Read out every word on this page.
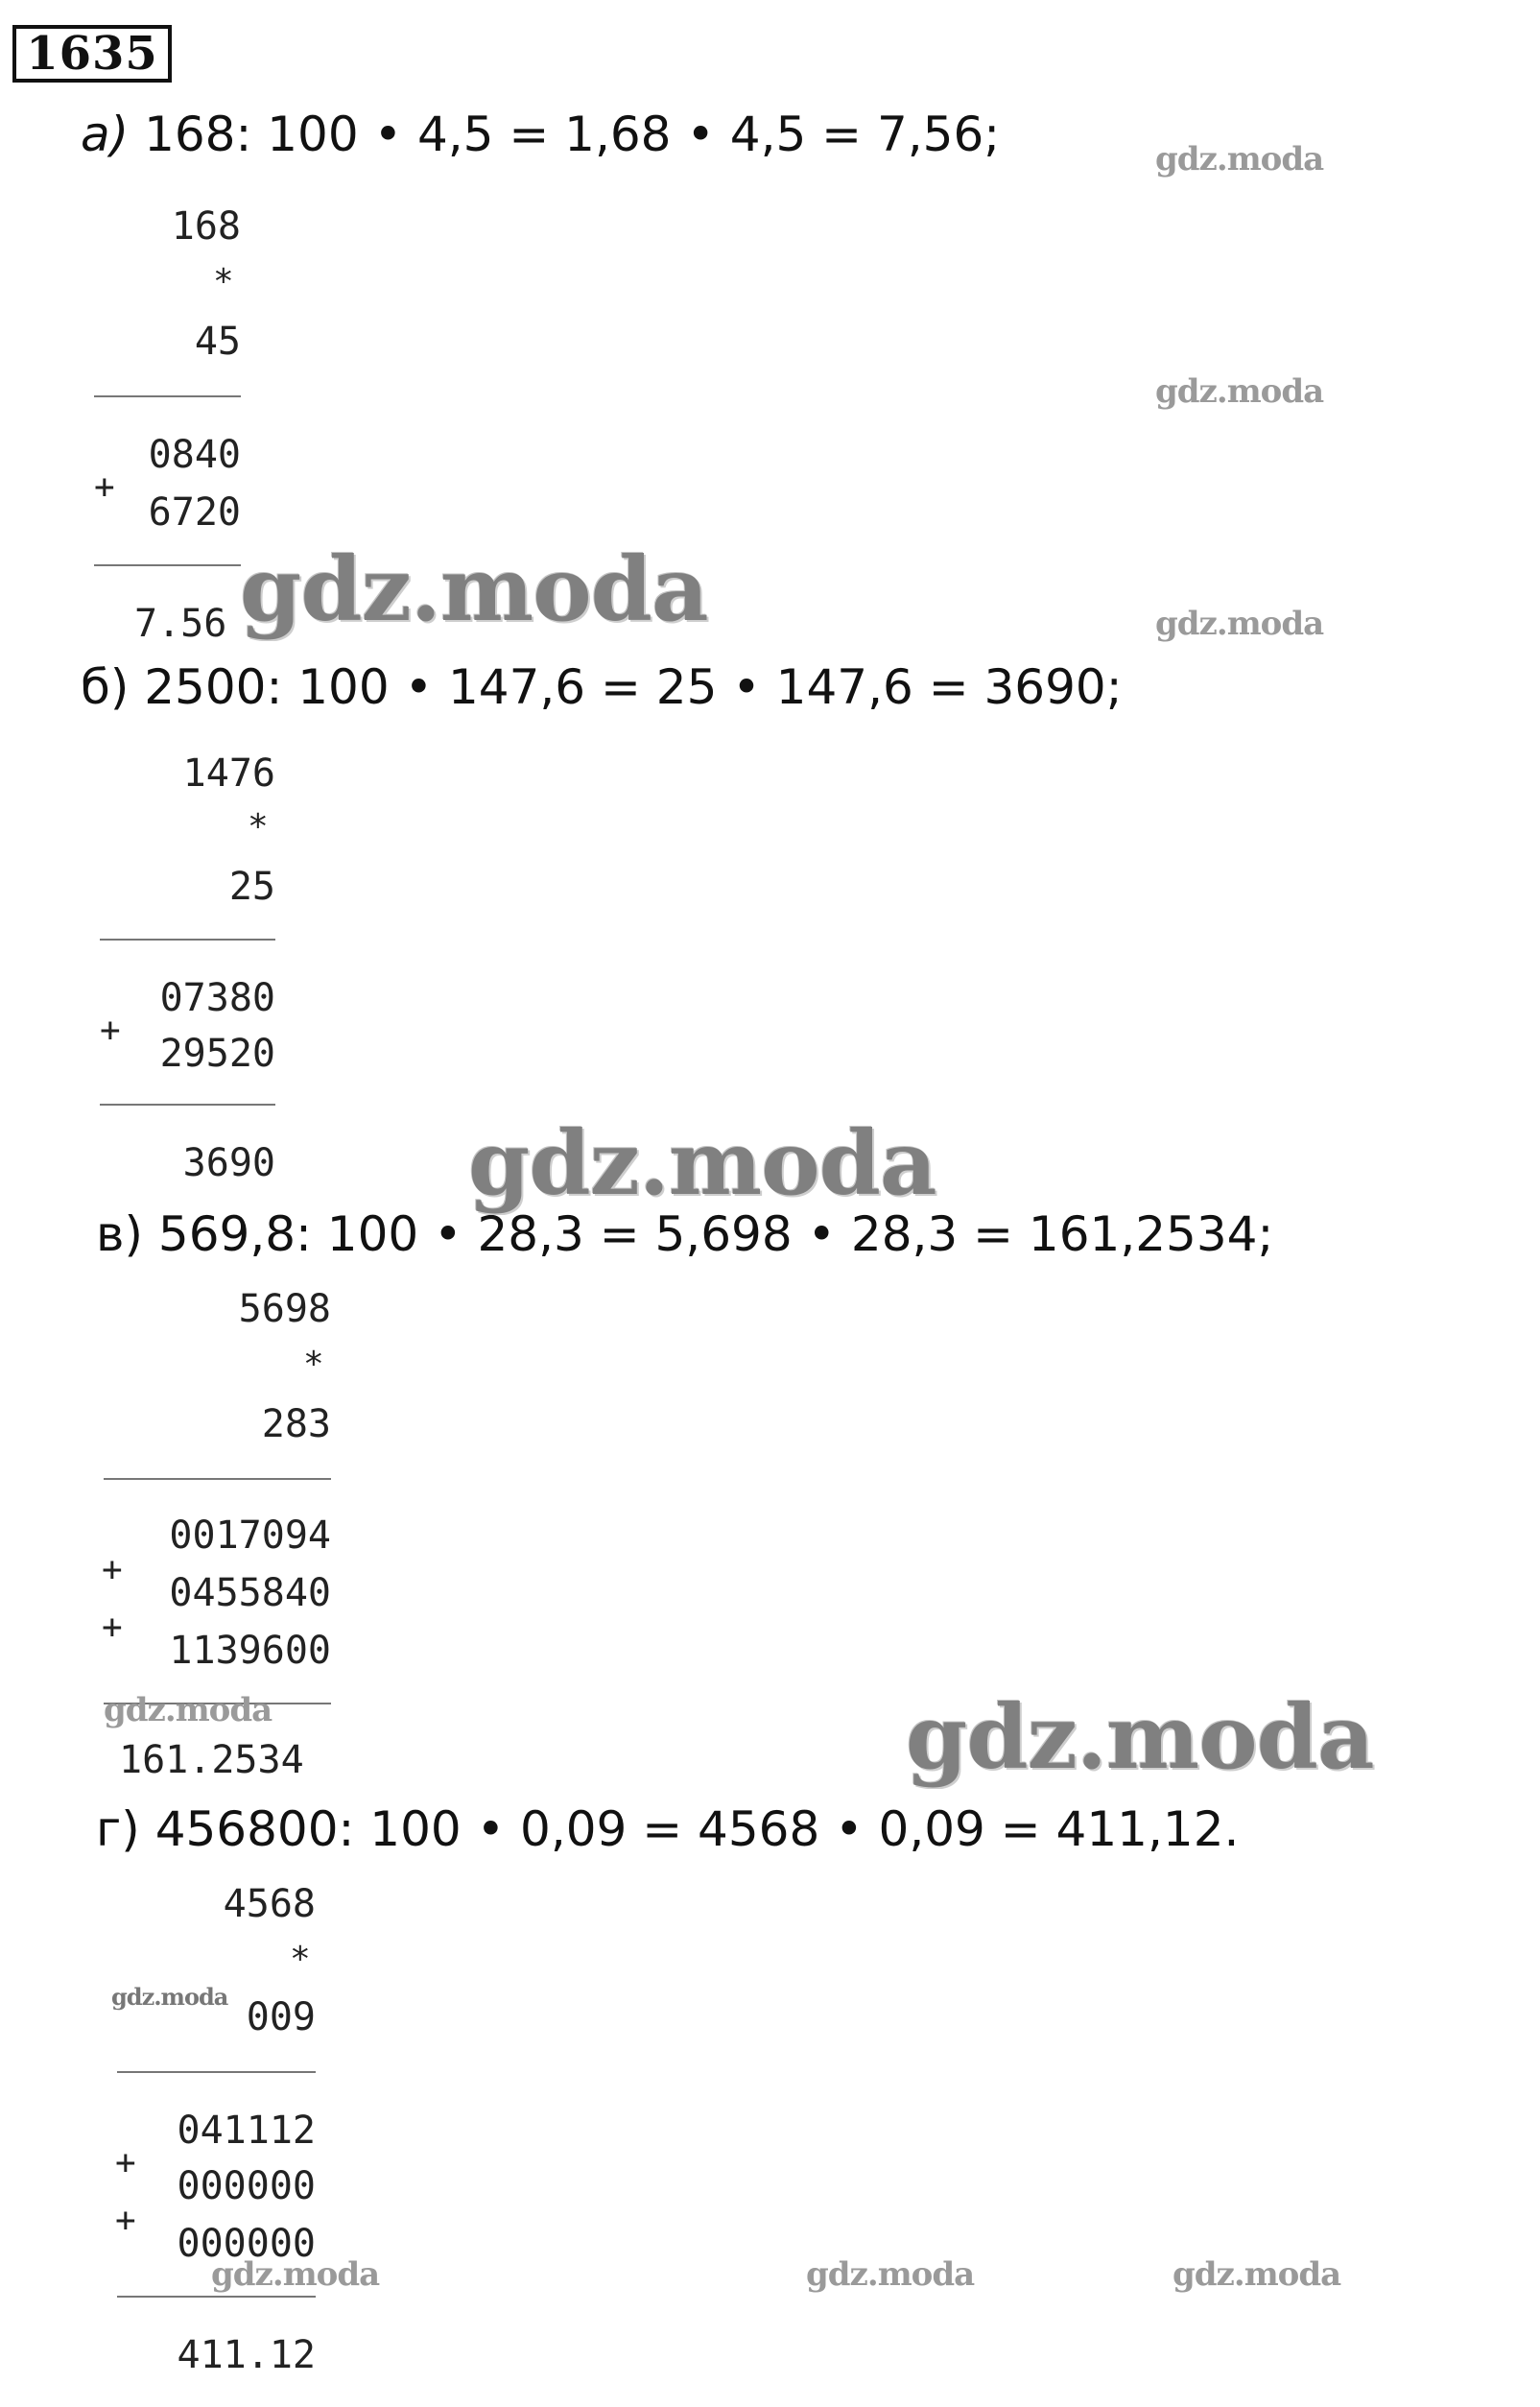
1635
а) 168: 100 • 4,5 = 1,68 • 4,5 = 7,56;
168
*
45
0840
+
6720
7.56
б) 2500: 100 • 147,6 = 25 • 147,6 = 3690;
1476
*
25
07380
+
29520
3690
в) 569,8: 100 • 28,3 = 5,698 • 28,3 = 161,2534;
5698
*
283
0017094
+
0455840
+
1139600
161.2534
г) 456800: 100 • 0,09 = 4568 • 0,09 = 411,12.
4568
*
009
041112
+
000000
+
000000
411.12
gdz.moda
gdz.moda
gdz.moda
gdz.moda
gdz.moda
gdz.moda	gdz.moda
gdz.moda
gdz.moda	gdz.moda	gdz.moda
